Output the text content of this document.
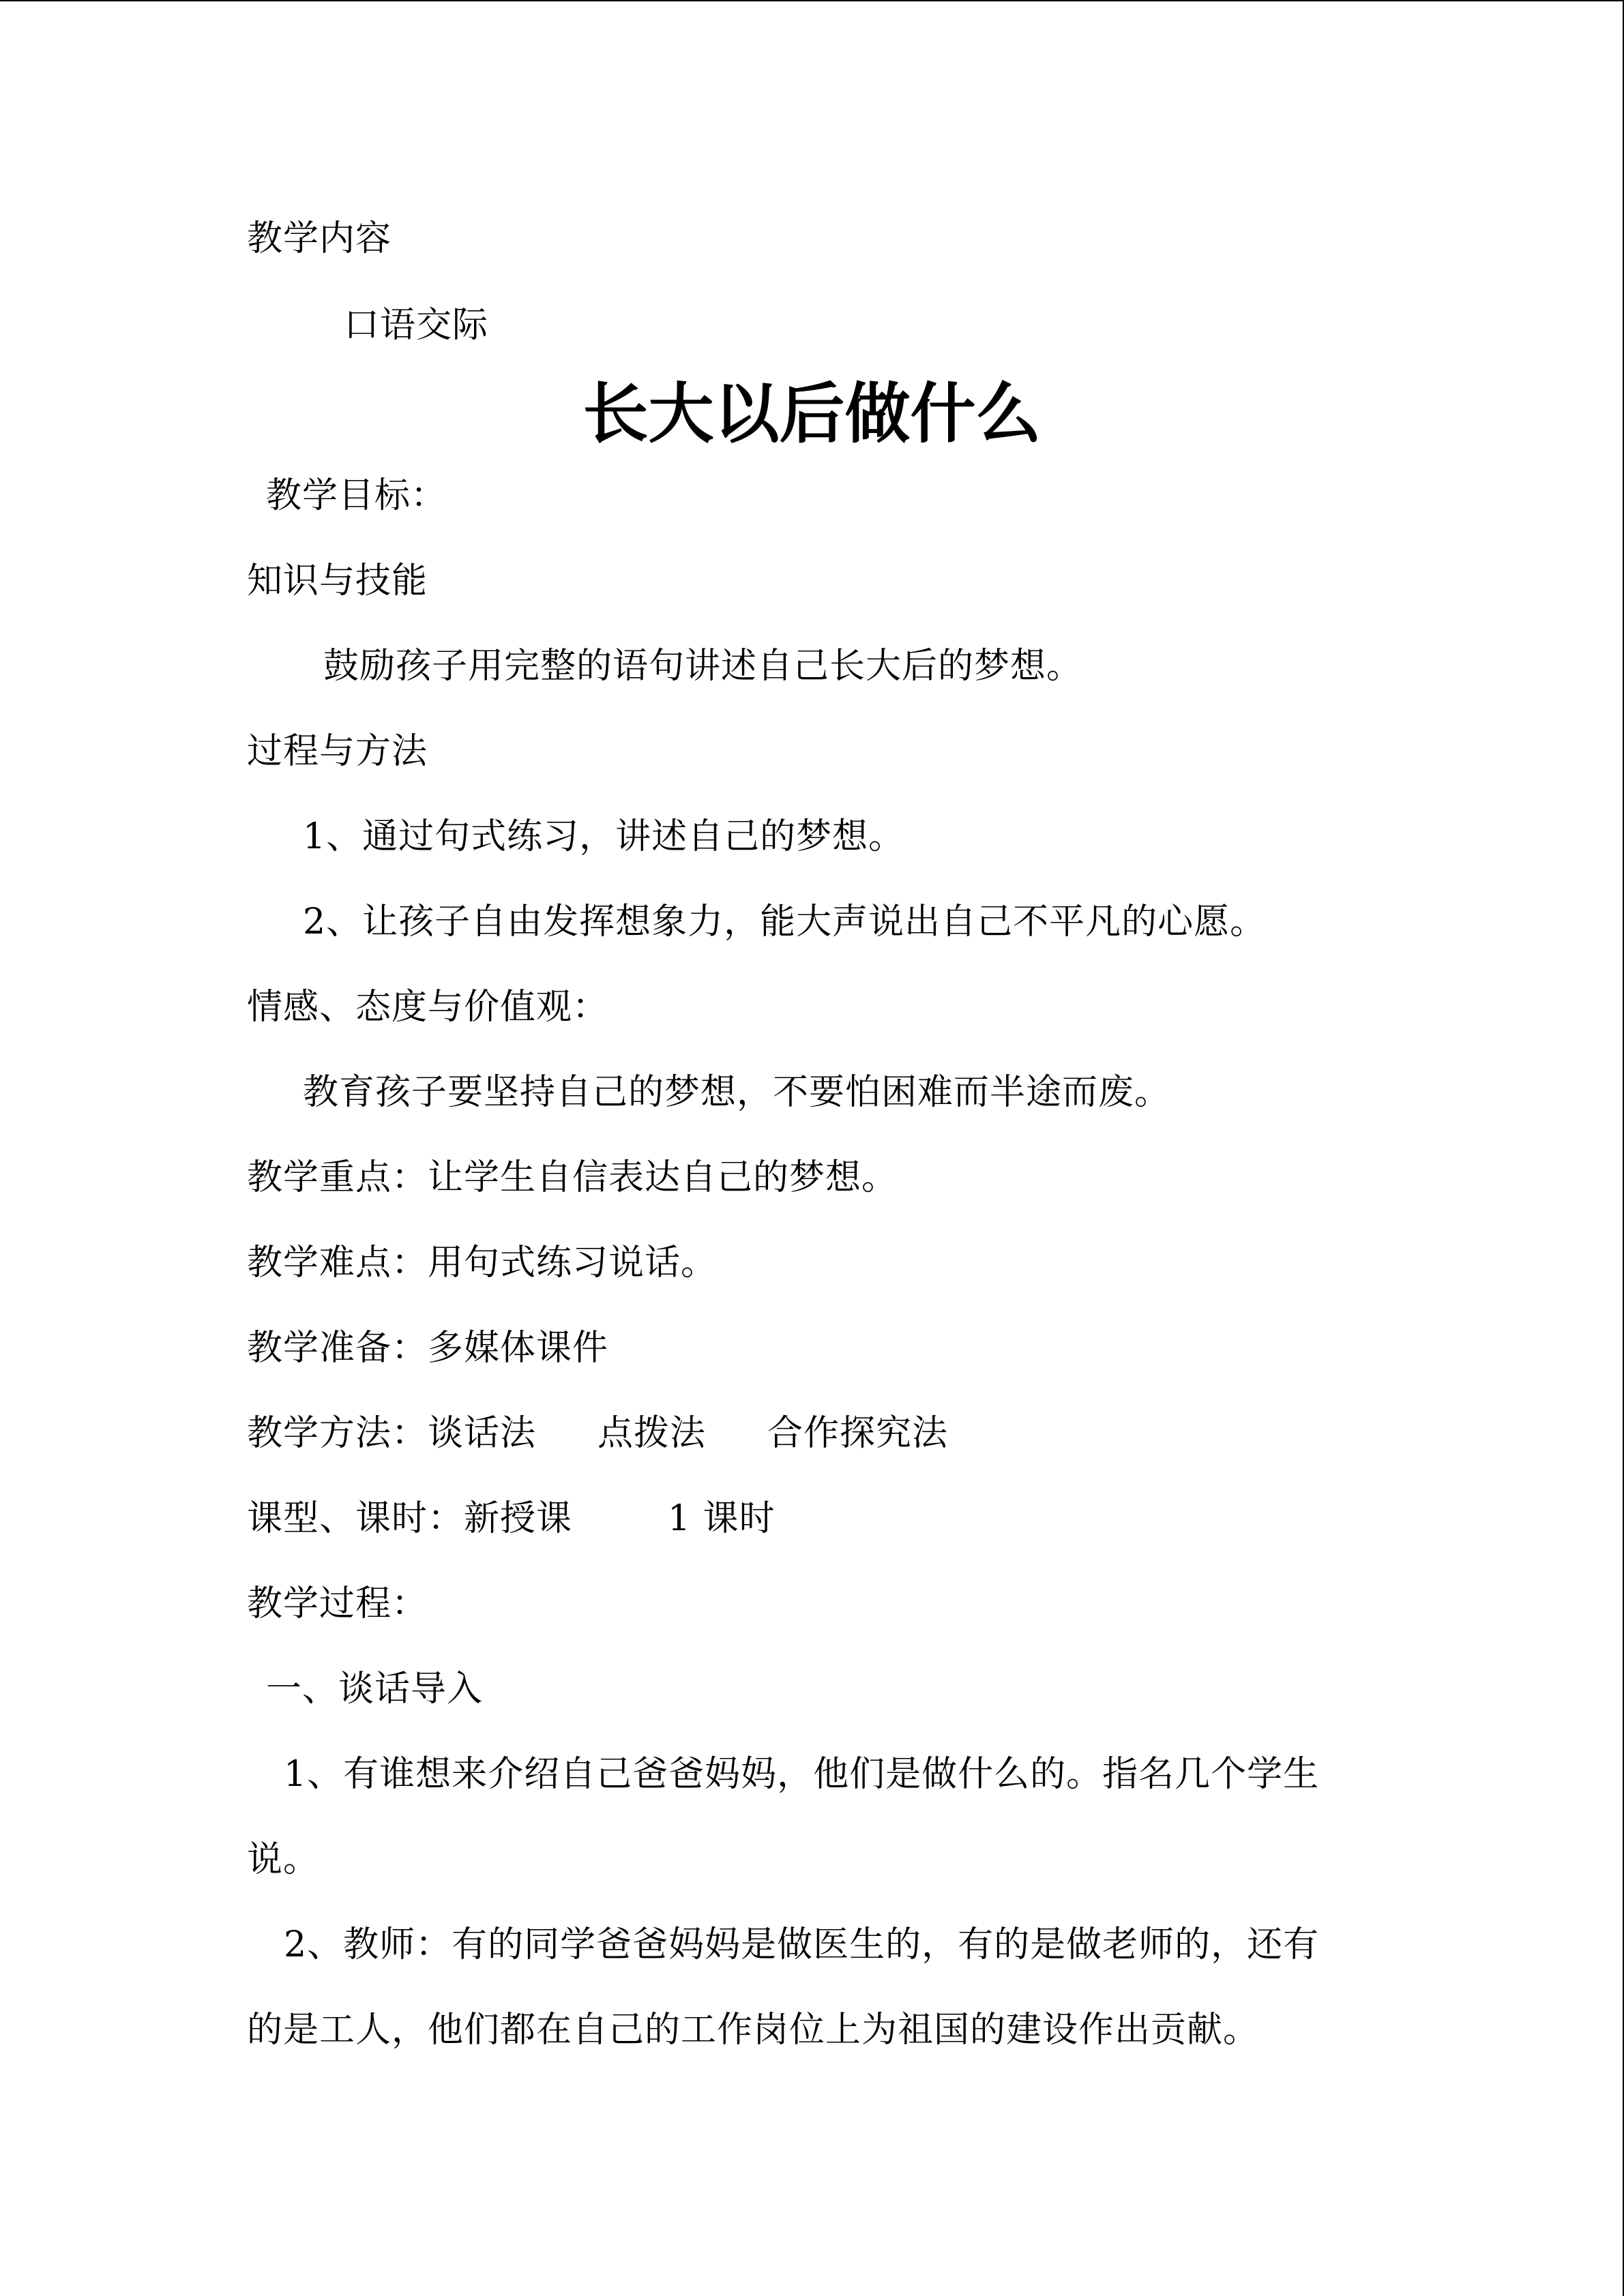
教学内容

口语交际

长大以后做什么

教学目标：

知识与技能

鼓励孩子用完整的语句讲述自己长大后的梦想。

过程与方法

1、通过句式练习，讲述自己的梦想。

2、让孩子自由发挥想象力，能大声说出自己不平凡的心愿。

情感、态度与价值观：

教育孩子要坚持自己的梦想，不要怕困难而半途而废。

教学重点：让学生自信表达自己的梦想。

教学难点：用句式练习说话。

教学准备：多媒体课件

教学方法：谈话法 点拨法 合作探究法

课型、课时：新授课	1 课时

教学过程：

一、谈话导入

1、有谁想来介绍自己爸爸妈妈，他们是做什么的。指名几个学生

说。

2、教师：有的同学爸爸妈妈是做医生的，有的是做老师的，还有

的是工人，他们都在自己的工作岗位上为祖国的建设作出贡献。
